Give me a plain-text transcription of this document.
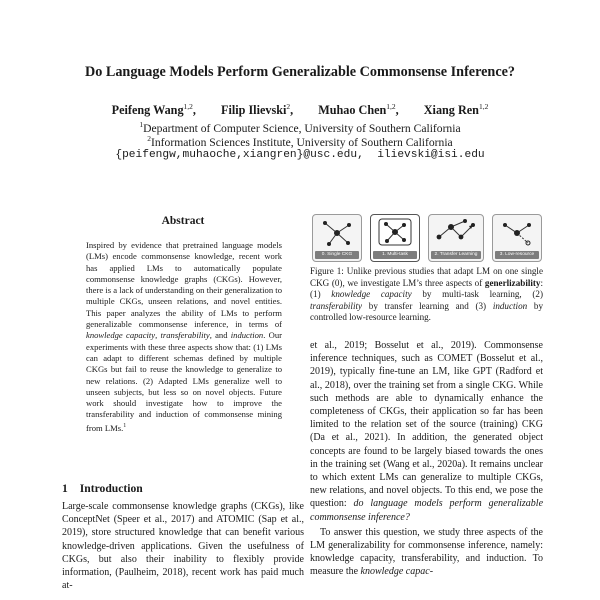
Do Language Models Perform Generalizable Commonsense Inference?
Peifeng Wang$^{1,2}$, Filip Ilievski$^2$, Muhao Chen$^{1,2}$, Xiang Ren$^{1,2}$
$^1$Department of Computer Science, University of Southern California
$^2$Information Sciences Institute, University of Southern California
{peifengw,muhaoche,xiangren}@usc.edu,  ilievski@isi.edu
Abstract
Inspired by evidence that pretrained language models (LMs) encode commonsense knowledge, recent work has applied LMs to automatically populate commonsense knowledge graphs (CKGs). However, there is a lack of understanding on their generalization to multiple CKGs, unseen relations, and novel entities. This paper analyzes the ability of LMs to perform generalizable commonsense inference, in terms of knowledge capacity, transferability, and induction. Our experiments with these three aspects show that: (1) LMs can adapt to different schemas defined by multiple CKGs but fail to reuse the knowledge to generalize to new relations. (2) Adapted LMs generalize well to unseen subjects, but less so on novel objects. Future work should investigate how to improve the transferability and induction of commonsense mining from LMs.$^1$
1 Introduction
Large-scale commonsense knowledge graphs (CKGs), like ConceptNet (Speer et al., 2017) and ATOMIC (Sap et al., 2019), store structured knowledge that can benefit various knowledge-driven applications. Given the usefulness of CKGs, but also their inability to flexibly provide information, (Paulheim, 2018), recent work has paid much at-
0. Single CKG	1. Multi-task	2. Transfer Learning	3. Low-resource
Figure 1: Unlike previous studies that adapt LM on one single CKG (0), we investigate LM’s three aspects of generlizability: (1) knowledge capacity by multi-task learning, (2) transferability by transfer learning and (3) induction by controlled low-resource learning.

et al., 2019; Bosselut et al., 2019). Commonsense inference techniques, such as COMET (Bosselut et al., 2019), typically fine-tune an LM, like GPT (Radford et al., 2018), over the training set from a single CKG. While such methods are able to dynamically enhance the completeness of CKGs, their application so far has been limited to the relation set of the source (training) CKG (Da et al., 2021). In addition, the generated object concepts are found to be largely biased towards the ones in the training set (Wang et al., 2020a). It remains unclear to which extent LMs can generalize to multiple CKGs, new relations, and novel objects. To this end, we pose the question: do language models perform generalizable commonsense inference?

To answer this question, we study three aspects of the LM generalizability for commonsense inference, namely: knowledge capacity, transferability, and induction. To measure the knowledge capac-
